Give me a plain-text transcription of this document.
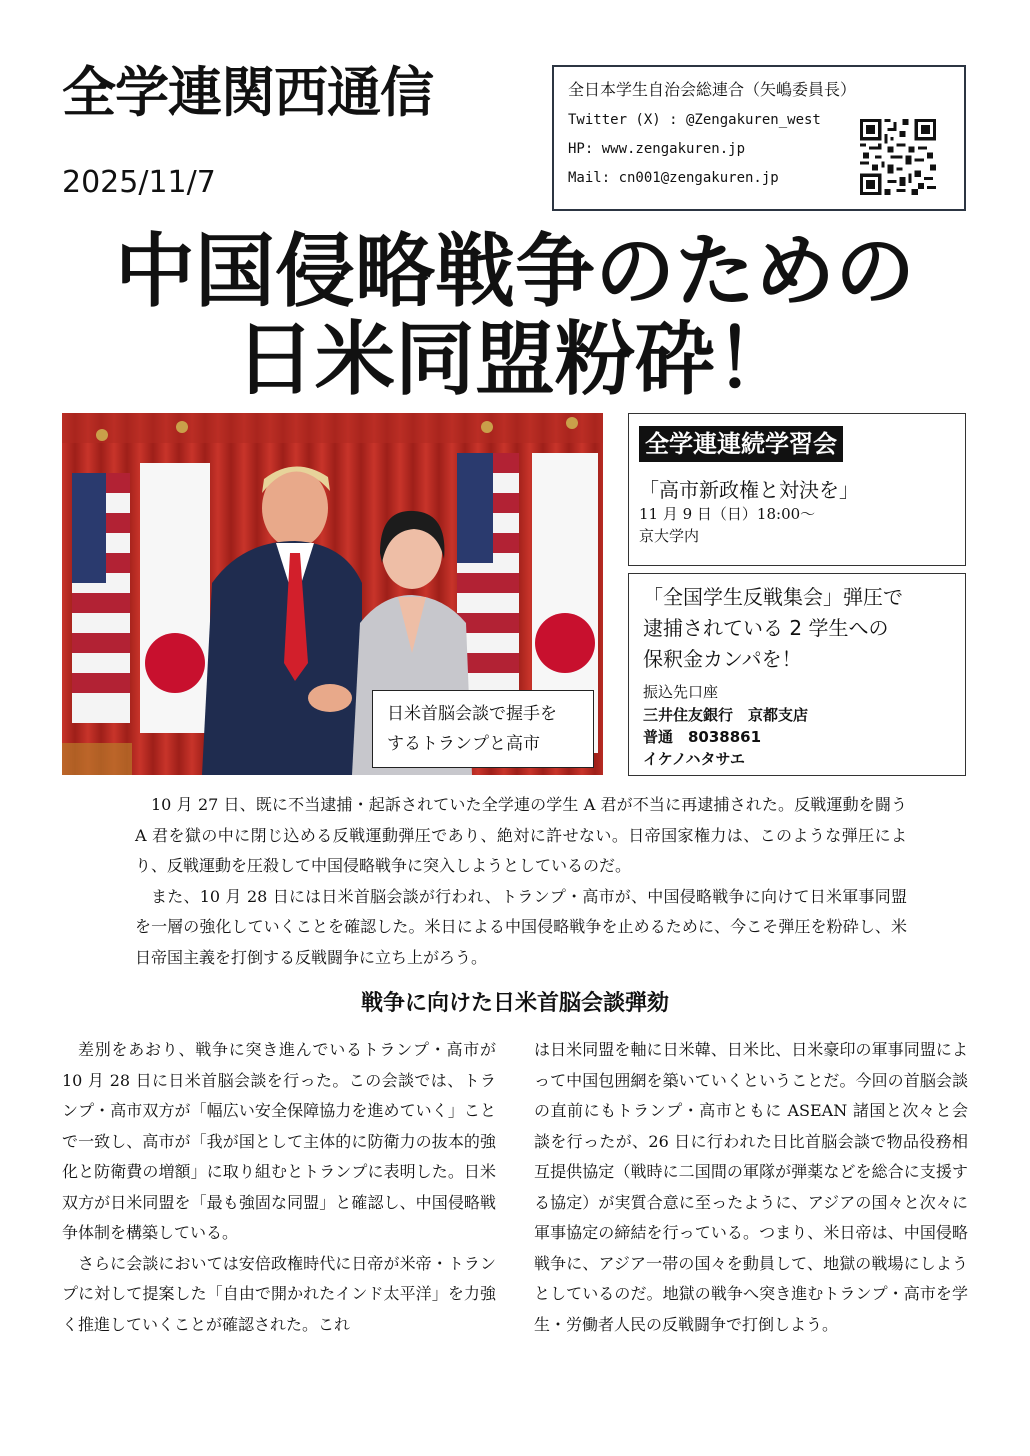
全学連関西通信
2025/11/7
全日本学生自治会総連合（矢嶋委員長）
Twitter (X) : @Zengakuren_west
HP: www.zengakuren.jp
Mail: cn001@zengakuren.jp
中国侵略戦争のための
日米同盟粉砕！
日米首脳会談で握手を
するトランプと高市
全学連連続学習会
「高市新政権と対決を」
11 月 9 日（日）18:00～
京大学内
「全国学生反戦集会」弾圧で
逮捕されている 2 学生への
保釈金カンパを！
振込先口座
三井住友銀行　京都支店
普通　8038861
イケノハタサエ

10 月 27 日、既に不当逮捕・起訴されていた全学連の学生 A 君が不当に再逮捕された。反戦運動を闘う A 君を獄の中に閉じ込める反戦運動弾圧であり、絶対に許せない。日帝国家権力は、このような弾圧により、反戦運動を圧殺して中国侵略戦争に突入しようとしているのだ。

また、10 月 28 日には日米首脳会談が行われ、トランプ・高市が、中国侵略戦争に向けて日米軍事同盟を一層の強化していくことを確認した。米日による中国侵略戦争を止めるために、今こそ弾圧を粉砕し、米日帝国主義を打倒する反戦闘争に立ち上がろう。

戦争に向けた日米首脳会談弾劾

差別をあおり、戦争に突き進んでいるトランプ・高市が 10 月 28 日に日米首脳会談を行った。この会談では、トランプ・高市双方が「幅広い安全保障協力を進めていく」ことで一致し、高市が「我が国として主体的に防衛力の抜本的強化と防衛費の増額」に取り組むとトランプに表明した。日米双方が日米同盟を「最も強固な同盟」と確認し、中国侵略戦争体制を構築している。

さらに会談においては安倍政権時代に日帝が米帝・トランプに対して提案した「自由で開かれたインド太平洋」を力強く推進していくことが確認された。これ

は日米同盟を軸に日米韓、日米比、日米豪印の軍事同盟によって中国包囲網を築いていくということだ。今回の首脳会談の直前にもトランプ・高市ともに ASEAN 諸国と次々と会談を行ったが、26 日に行われた日比首脳会談で物品役務相互提供協定（戦時に二国間の軍隊が弾薬などを総合に支援する協定）が実質合意に至ったように、アジアの国々と次々に軍事協定の締結を行っている。つまり、米日帝は、中国侵略戦争に、アジア一帯の国々を動員して、地獄の戦場にしようとしているのだ。地獄の戦争へ突き進むトランプ・高市を学生・労働者人民の反戦闘争で打倒しよう。
